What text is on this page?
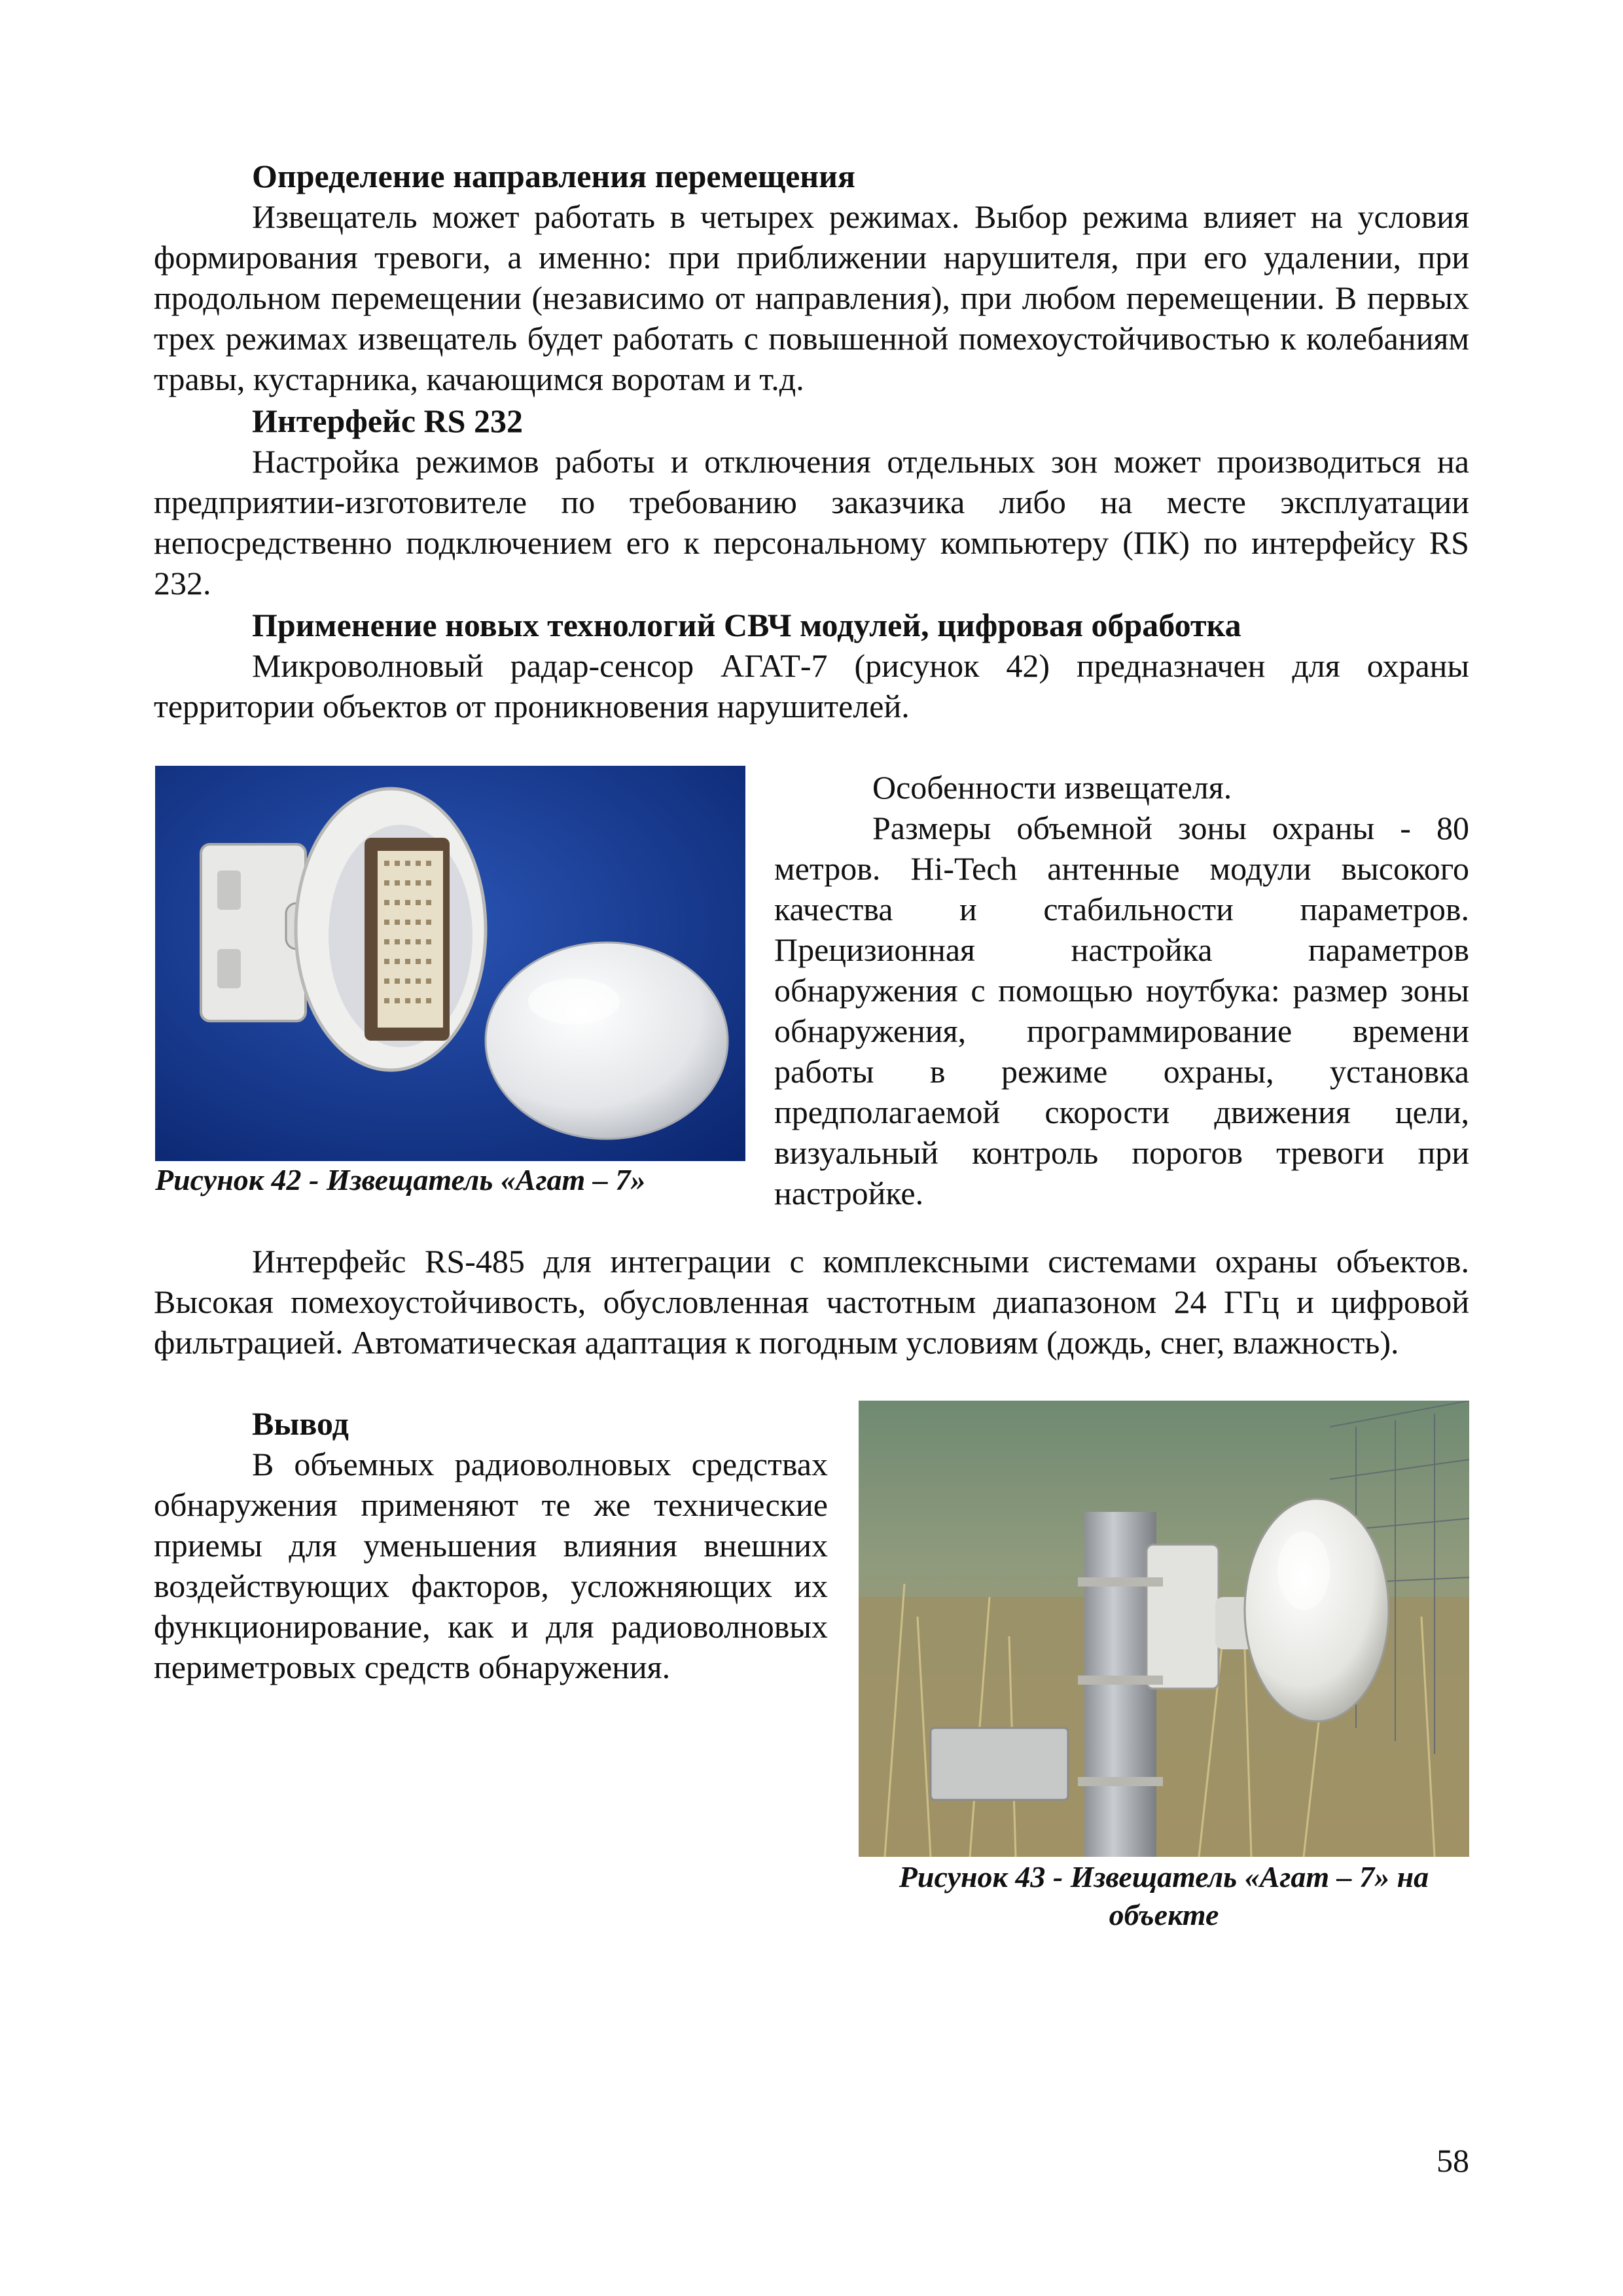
Определение направления перемещения

Извещатель может работать в четырех режимах. Выбор режима влияет на условия формирования тревоги, а именно: при приближении нарушителя, при его удалении, при продольном перемещении (независимо от направления), при любом перемещении. В первых трех режимах извещатель будет работать с повышенной помехоустойчивостью к колебаниям травы, кустарника, качающимся воротам и т.д.

Интерфейс RS 232

Настройка режимов работы и отключения отдельных зон может производиться на предприятии-изготовителе по требованию заказчика либо на месте эксплуатации непосредственно подключением его к персональному компьютеру (ПК) по интерфейсу RS 232.

Применение новых технологий СВЧ модулей, цифровая обработка

Микроволновый радар-сенсор АГАТ-7 (рисунок 42) предназначен для охраны территории объектов от проникновения нарушителей.

Рисунок 42 - Извещатель «Агат – 7»

Особенности извещателя.

Размеры объемной зоны охраны - 80 метров. Hi-Tech антенные модули высокого качества и стабильности параметров. Прецизионная настройка параметров обнаружения с помощью ноутбука: размер зоны обнаружения, программирование времени работы в режиме охраны, установка предполагаемой скорости движения цели, визуальный контроль порогов тревоги при настройке.

Интерфейс RS-485 для интеграции с комплексными системами охраны объектов. Высокая помехоустойчивость, обусловленная частотным диапазоном 24 ГГц и цифровой фильтрацией. Автоматическая адаптация к погодным условиям (дождь, снег, влажность).

Вывод

В объемных радиоволновых средствах обнаружения применяют те же технические приемы для уменьшения влияния внешних воздействующих факторов, усложняющих их функционирование, как и для радиоволновых периметровых средств обнаружения.

Рисунок 43 - Извещатель «Агат – 7» на объекте
58
